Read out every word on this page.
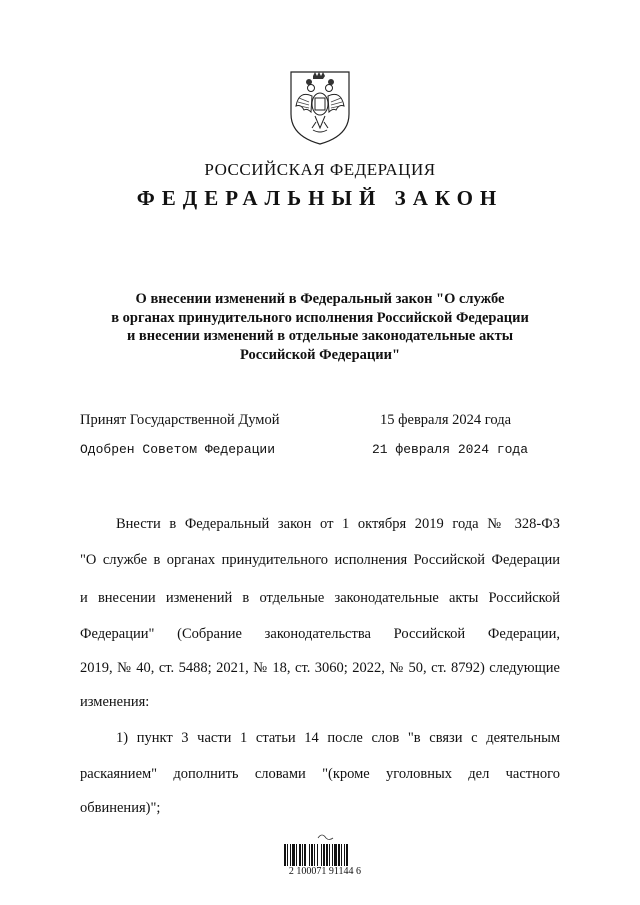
РОССИЙСКАЯ ФЕДЕРАЦИЯ
ФЕДЕРАЛЬНЫЙ ЗАКОН
О внесении изменений в Федеральный закон "О службе
в органах принудительного исполнения Российской Федерации
и внесении изменений в отдельные законодательные акты
Российской Федерации"
Принят Государственной Думой	15 февраля 2024 года
Одобрен Советом Федерации	21 февраля 2024 года
Внести в Федеральный закон от 1 октября 2019 года № 328-ФЗ
"О службе в органах принудительного исполнения Российской Федерации
и внесении изменений в отдельные законодательные акты Российской
Федерации" (Собрание законодательства Российской Федерации,
2019, № 40, ст. 5488; 2021, № 18, ст. 3060; 2022, № 50, ст. 8792) следующие
изменения:
1) пункт 3 части 1 статьи 14 после слов "в связи с деятельным
раскаянием" дополнить словами "(кроме уголовных дел частного
обвинения)";
2 100071 91144 6
